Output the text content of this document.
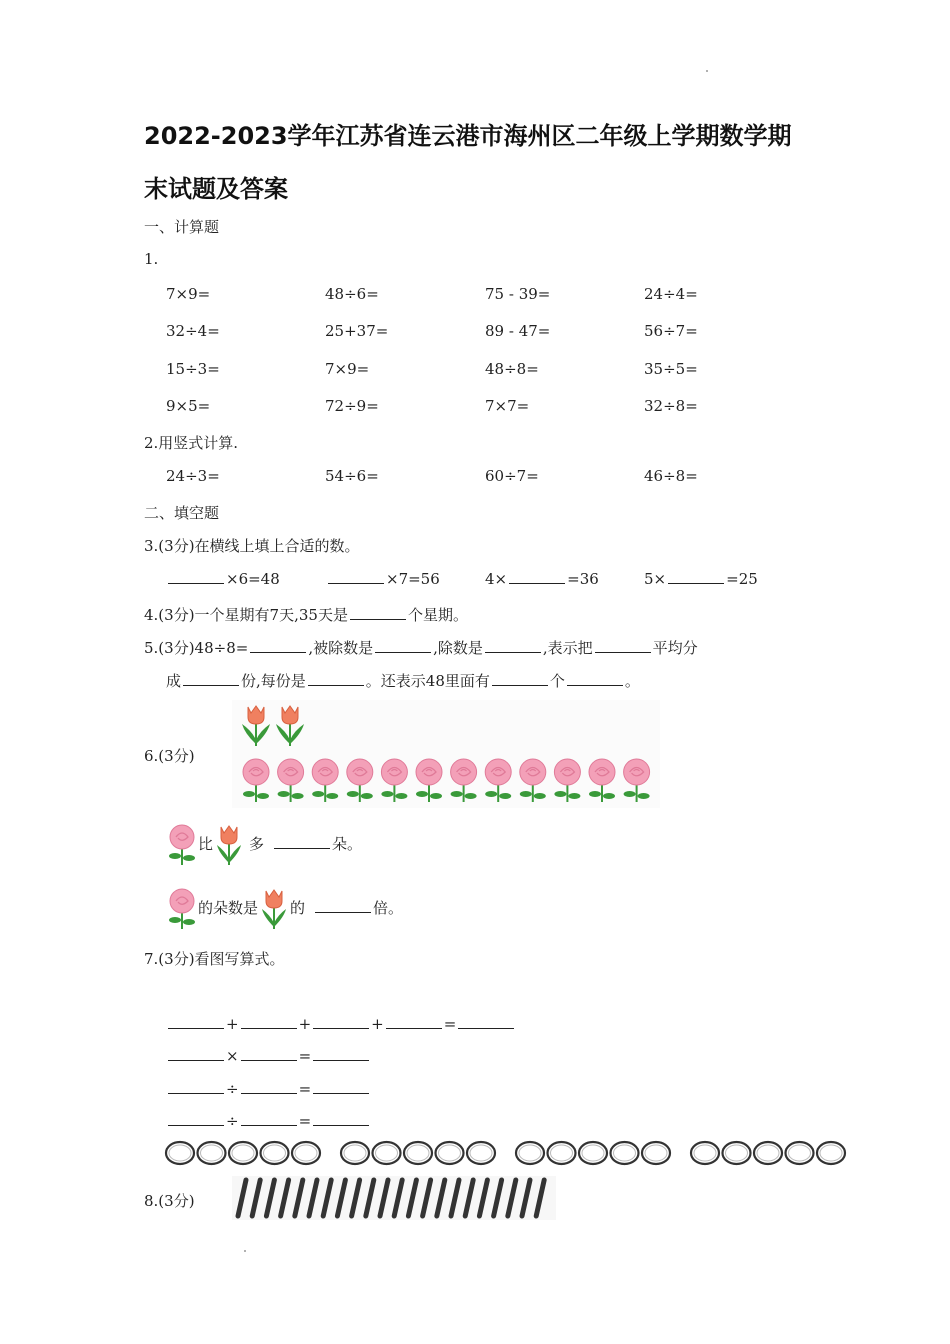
2022-2023学年江苏省连云港市海州区二年级上学期数学期
末试题及答案
一、计算题
1.
7×9=	48÷6=	75 - 39=	24÷4=
32÷4=	25+37=	89 - 47=	56÷7=
15÷3=	7×9=	48÷8=	35÷5=
9×5=	72÷9=	7×7=	32÷8=
2.用竖式计算.
24÷3=	54÷6=	60÷7=	46÷8=
二、填空题
3.(3分)在横线上填上合适的数。
×6=48	×7=56	4×	=36	5×	=25
4.(3分)一个星期有7天,35天是	个星期。
5.(3分)48÷8=	,被除数是	,除数是	,表示把	平均分
成	份,每份是	。还表示48里面有	个	。
6.(3分)
比 多	朵。
的朵数是 的	倍。
7.(3分)看图写算式。
+	+	+	=
×	=
÷	=
÷	=
8.(3分)
